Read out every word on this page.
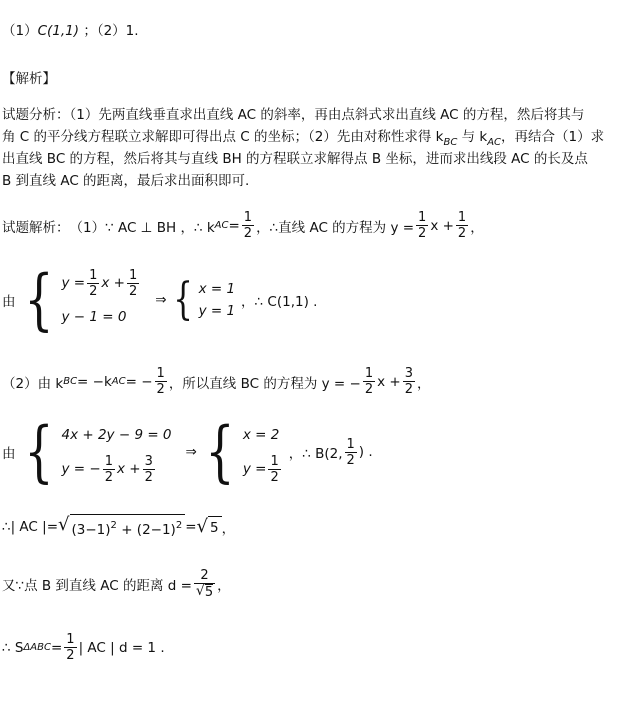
（1）C(1,1) ；（2）1.
【解析】
试题分析：（1）先两直线垂直求出直线 AC 的斜率，再由点斜式求出直线 AC 的方程，然后将其与
角 C 的平分线方程联立求解即可得出点 C 的坐标；（2）先由对称性求得 $k_{BC}$ 与 $k_{AC}$，再结合（1）求
出直线 BC 的方程，然后将其与直线 BH 的方程联立求解得点 B 坐标，进而求出线段 AC 的长及点
B 到直线 AC 的距离，最后求出面积即可.
试题解析： （1）∵ AC ⊥ BH ，∴ k AC = $\frac{1}{2}$ ，∴直线 AC 的方程为 $y = \frac{1}{2}$ $x + \frac{1}{2}$ ，
由 { $y = \frac{1}{2}$ $x + \frac{1}{2}$
y − 1 = 0
⇒ { x = 1
y = 1
，∴ C(1,1) .
（2）由 k BC = −k AC = − $\frac{1}{2}$ ，所以直线 BC 的方程为 y = − $\frac{1}{2}$ $x + \frac{3}{2}$ ，
由 { 4x + 2y − 9 = 0
y = − $\frac{1}{2}$ $x + \frac{3}{2}$
⇒ { x = 2
$y = \frac{1}{2}$ ，∴ B(2, $\frac{1}{2}$ ) .
∴| AC |= √ $(3-1)^2 + (2-1)^2$ = √ 5 ，
又∵点 B 到直线 AC 的距离 $d = \frac{2}{√ 5}$ ，
∴ S $\Delta ABC = \frac{1}{2}$ | AC | d = 1 .
